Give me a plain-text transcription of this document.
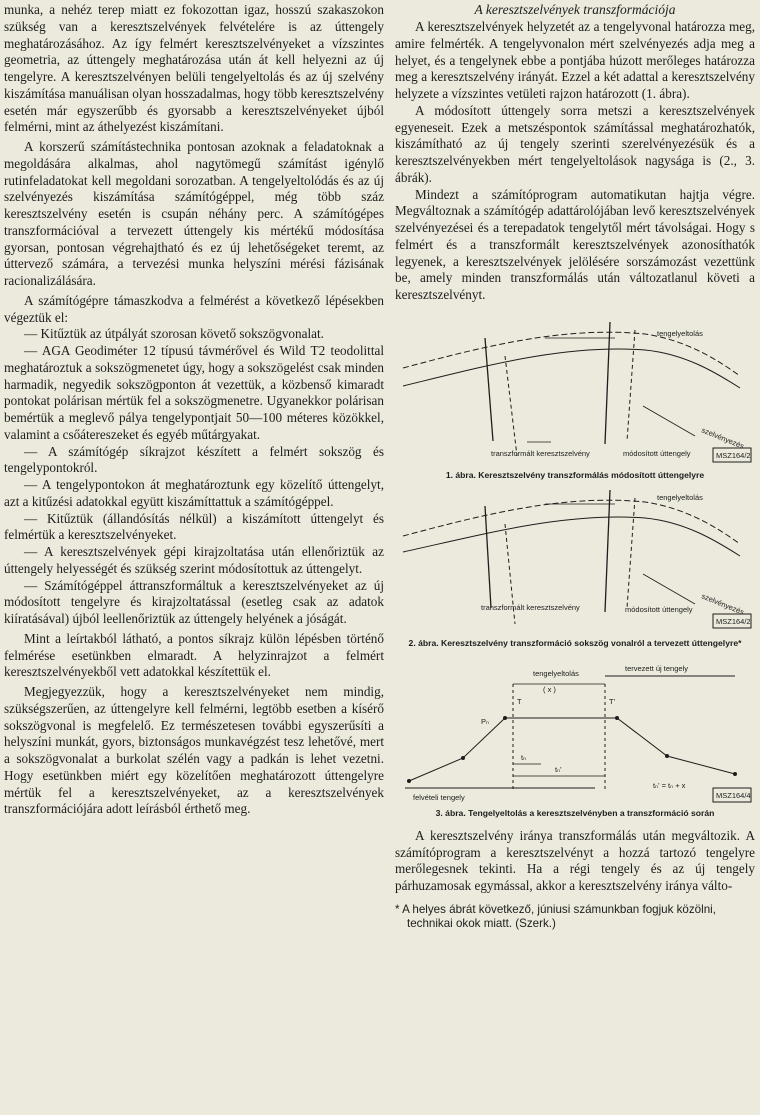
munka, a nehéz terep miatt ez fokozottan igaz, hosszú szakaszokon szükség van a keresztszelvények felvételére is az úttengely meghatározásához. Az így felmért keresztszelvényeket a vízszintes geometria, az úttengely meghatározása után át kell helyezni az új tengelyre. A keresztszelvényen belüli tengelyeltolás és az új szelvény kiszámítása manuálisan olyan hosszadalmas, hogy több keresztszelvény esetén már egyszerűbb és gyorsabb a keresztszelvényeket újból felmérni, mint az áthelyezést kiszámítani.

A korszerű számítástechnika pontosan azoknak a feladatoknak a megoldására alkalmas, ahol nagytömegű számítást igénylő rutinfeladatokat kell megoldani sorozatban. A tengelyeltolódás és az új szelvényezés kiszámítása számítógéppel, még több száz keresztszelvény esetén is csupán néhány perc. A számítógépes transzformációval a tervezett úttengely kis mértékű módosítása gyorsan, pontosan végrehajtható és ez új lehetőségeket teremt, az úttervező számára, a tervezési munka helyszíni mérési fázisának racionalizálására.

A számítógépre támaszkodva a felmérést a következő lépésekben végeztük el:

— Kitűztük az útpályát szorosan követő sokszögvonalat.

— AGA Geodiméter 12 típusú távmérővel és Wild T2 teodolittal meghatároztuk a sokszögmenetet úgy, hogy a sokszögelést csak minden harmadik, negyedik sokszögponton át vezettük, a közbenső kimaradt pontokat polárisan mértük fel a sokszögmenetre. Ugyanekkor polárisan bemértük a meglevő pálya tengelypontjait 50—100 méteres közökkel, valamint a csőátereszeket és egyéb műtárgyakat.

— A számítógép síkrajzot készített a felmért sokszög és tengelypontokról.

— A tengelypontokon át meghatároztunk egy közelítő úttengelyt, azt a kitűzési adatokkal együtt kiszámíttattuk a számítógéppel.

— Kitűztük (állandósítás nélkül) a kiszámított úttengelyt és felmértük a keresztszelvényeket.

— A keresztszelvények gépi kirajzoltatása után ellenőriztük az úttengely helyességét és szükség szerint módosítottuk az úttengelyt.

— Számítógéppel áttranszformáltuk a keresztszelvényeket az új módosított tengelyre és kirajzoltatással (esetleg csak az adatok kiíratásával) újból leellenőriztük az úttengely helyének a jóságát.

Mint a leírtakból látható, a pontos síkrajz külön lépésben történő felmérése esetünkben elmaradt. A helyzinrajzot a felmért keresztszelvényekből vett adatokkal készítettük el.

Megjegyezzük, hogy a keresztszelvényeket nem mindig, szükségszerűen, az úttengelyre kell felmérni, legtöbb esetben a kísérő sokszögvonal is megfelelő. Ez természetesen további egyszerűsíti a helyszíni munkát, gyors, biztonságos munkavégzést tesz lehetővé, mert a sokszögvonalat a burkolat szélén vagy a padkán is lehet vezetni. Hogy esetünkben miért egy közelítően meghatározott úttengelyre mértük fel a keresztszelvényeket, az a keresztszelvények transzformációjára adott leírásból érthető meg.

A keresztszelvények transzformációja

A keresztszelvények helyzetét az a tengelyvonal határozza meg, amire felmérték. A tengelyvonalon mért szelvényezés adja meg a helyet, és a tengelynek ebbe a pontjába húzott merőleges határozza meg a keresztszelvény irányát. Ezzel a két adattal a keresztszelvény helyzete a vízszintes vetületi rajzon határozott (1. ábra).

A módosított úttengely sorra metszi a keresztszelvények egyeneseit. Ezek a metszéspontok számítással meghatározhatók, kiszámítható az új tengely szerinti szerelvényezésük és a keresztszelvényekben mért tengelyeltolások nagysága is (2., 3. ábrák).

Mindezt a számítóprogram automatikutan hajtja végre. Megváltoznak a számítógép adattárolójában levő keresztszelvények szelvényezései és a terepadatok tengelytől mért távolságai. Hogy s felmért és a transzformált keresztszelvények azonosíthatók legyenek, a keresztszelvények jelölésére sorszámozást vezettünk be, amely minden transzformálás után változatlanul követi a keresztszelvényt.

tengelyeltolás
szelvényezés
transzformált keresztszelvény	módosított úttengely	MSZ164/2
1. ábra. Keresztszelvény transzformálás módosított úttengelyre
tengelyeltolás
szelvényezés
transzformált keresztszelvény	módosított úttengely
MSZ164/2
2. ábra. Keresztszelvény transzformáció sokszög vonalról a tervezett úttengelyre*
tervezett új tengely
tengelyeltolás
( x )
T	T'
Pₙ
tₙ
tₙ'
tₙ' = tₙ + x
felvételi tengely	MSZ164/4
3. ábra. Tengelyeltolás a keresztszelvényben a transzformáció során

A keresztszelvény iránya transzformálás után megváltozik. A számítóprogram a keresztszelvényt a hozzá tartozó tengelyre merőlegesnek tekinti. Ha a régi tengely és az új tengely párhuzamosak egymással, akkor a keresztszelvény iránya válto-

* A helyes ábrát következő, júniusi számunkban fogjuk közölni, technikai okok miatt. (Szerk.)
